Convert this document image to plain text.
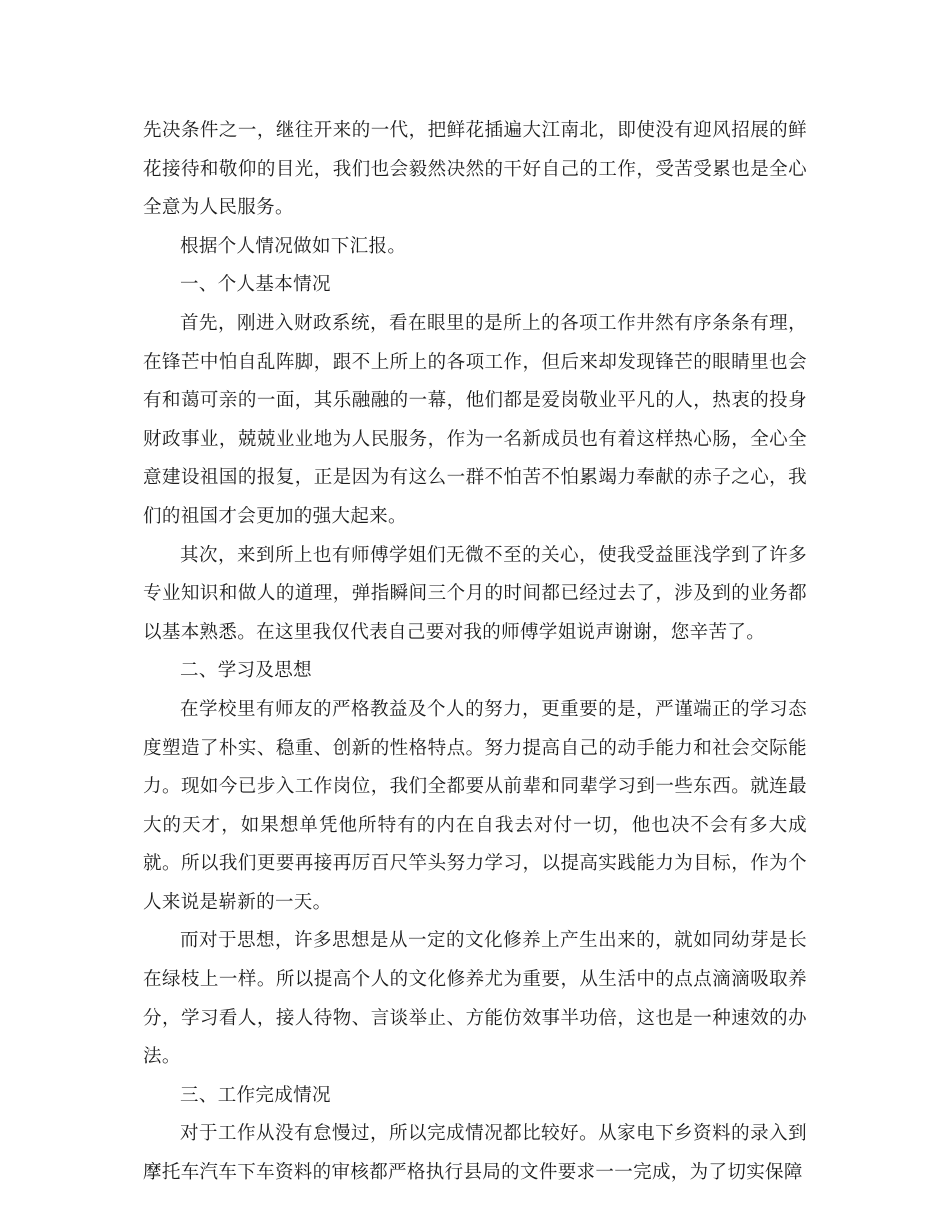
先决条件之一，继往开来的一代，把鲜花插遍大江南北，即使没有迎风招展的鲜花接待和敬仰的目光，我们也会毅然决然的干好自己的工作，受苦受累也是全心全意为人民服务。

根据个人情况做如下汇报。

一、个人基本情况

首先，刚进入财政系统，看在眼里的是所上的各项工作井然有序条条有理，在锋芒中怕自乱阵脚，跟不上所上的各项工作，但后来却发现锋芒的眼睛里也会有和蔼可亲的一面，其乐融融的一幕，他们都是爱岗敬业平凡的人，热衷的投身财政事业，兢兢业业地为人民服务，作为一名新成员也有着这样热心肠，全心全意建设祖国的报复，正是因为有这么一群不怕苦不怕累竭力奉献的赤子之心，我们的祖国才会更加的强大起来。

其次，来到所上也有师傅学姐们无微不至的关心，使我受益匪浅学到了许多专业知识和做人的道理，弹指瞬间三个月的时间都已经过去了，涉及到的业务都以基本熟悉。在这里我仅代表自己要对我的师傅学姐说声谢谢，您辛苦了。

二、学习及思想

在学校里有师友的严格教益及个人的努力，更重要的是，严谨端正的学习态度塑造了朴实、稳重、创新的性格特点。努力提高自己的动手能力和社会交际能力。现如今已步入工作岗位，我们全都要从前辈和同辈学习到一些东西。就连最大的天才，如果想单凭他所特有的内在自我去对付一切，他也决不会有多大成就。所以我们更要再接再厉百尺竿头努力学习，以提高实践能力为目标，作为个人来说是崭新的一天。

而对于思想，许多思想是从一定的文化修养上产生出来的，就如同幼芽是长在绿枝上一样。所以提高个人的文化修养尤为重要，从生活中的点点滴滴吸取养分，学习看人，接人待物、言谈举止、方能仿效事半功倍，这也是一种速效的办法。

三、工作完成情况

对于工作从没有怠慢过，所以完成情况都比较好。从家电下乡资料的录入到摩托车汽车下车资料的审核都严格执行县局的文件要求一一完成，为了切实保障
